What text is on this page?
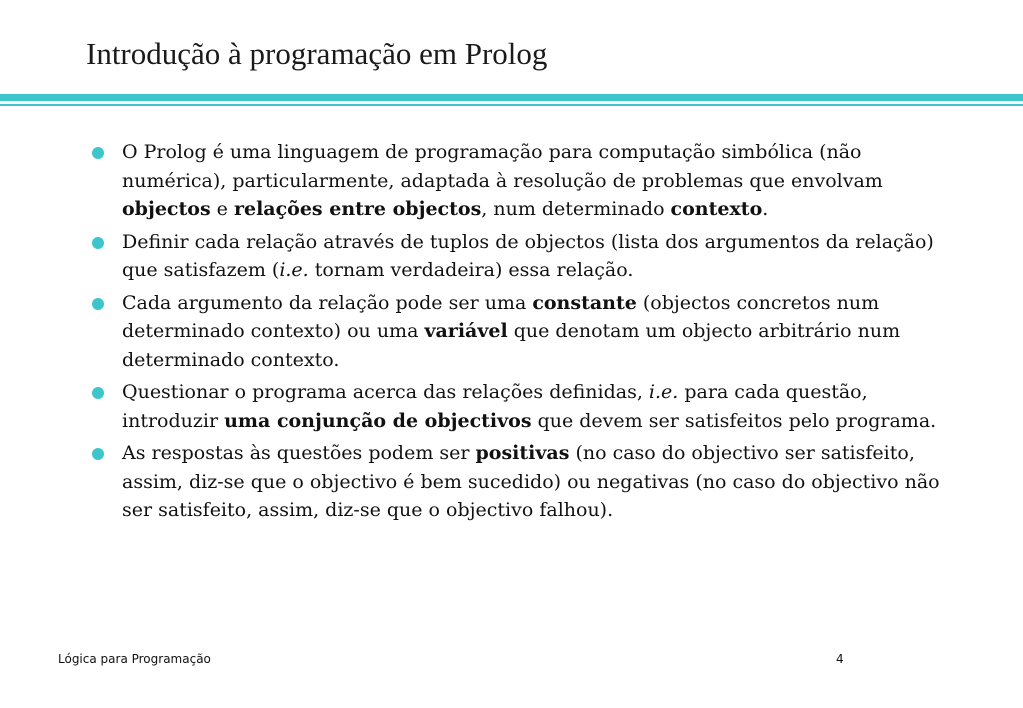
Introdução à programação em Prolog
O Prolog é uma linguagem de programação para computação simbólica (não numérica), particularmente, adaptada à resolução de problemas que envolvam objectos e relações entre objectos, num determinado contexto.
Definir cada relação através de tuplos de objectos (lista dos argumentos da relação) que satisfazem (i.e. tornam verdadeira) essa relação.
Cada argumento da relação pode ser uma constante (objectos concretos num determinado contexto) ou uma variável que denotam um objecto arbitrário num determinado contexto.
Questionar o programa acerca das relações definidas, i.e. para cada questão, introduzir uma conjunção de objectivos que devem ser satisfeitos pelo programa.
As respostas às questões podem ser positivas (no caso do objectivo ser satisfeito, assim, diz-se que o objectivo é bem sucedido) ou negativas (no caso do objectivo não ser satisfeito, assim, diz-se que o objectivo falhou).
Lógica para Programação	4
